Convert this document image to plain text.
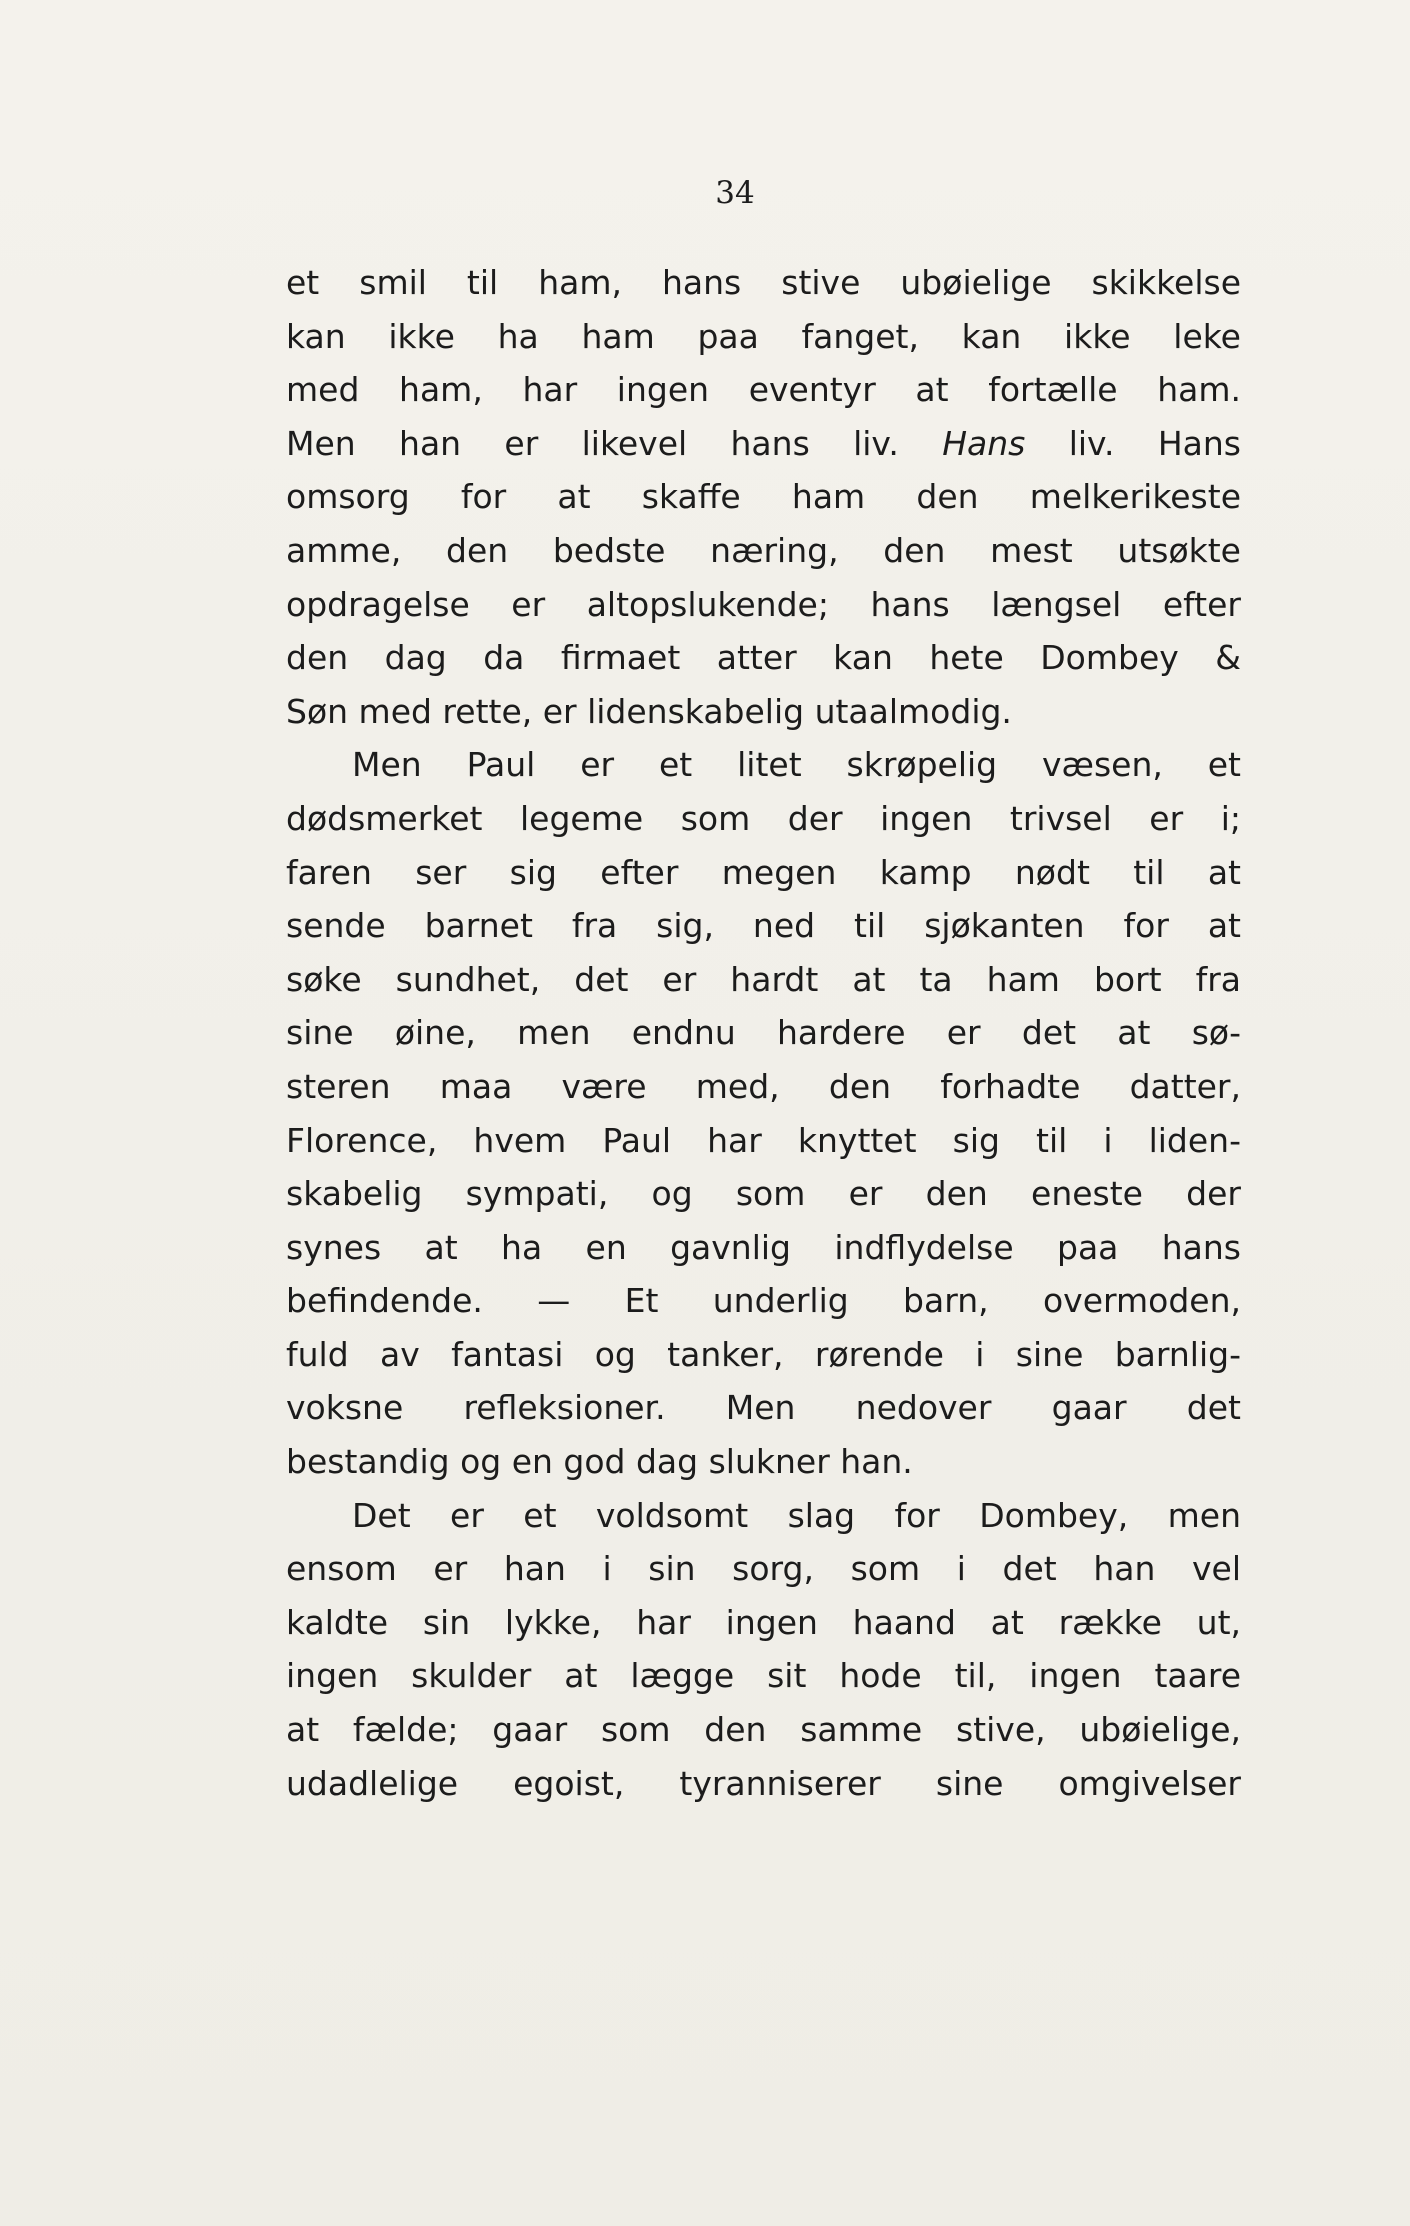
34
et smil til ham, hans stive ubøielige skikkelse
kan ikke ha ham paa fanget, kan ikke leke
med ham, har ingen eventyr at fortælle ham.
Men han er likevel hans liv. Hans liv. Hans
omsorg for at skaffe ham den melkerikeste
amme, den bedste næring, den mest utsøkte
opdragelse er altopslukende; hans længsel efter
den dag da firmaet atter kan hete Dombey &
Søn med rette, er lidenskabelig utaalmodig.
Men Paul er et litet skrøpelig væsen, et
dødsmerket legeme som der ingen trivsel er i;
faren ser sig efter megen kamp nødt til at
sende barnet fra sig, ned til sjøkanten for at
søke sundhet, det er hardt at ta ham bort fra
sine øine, men endnu hardere er det at sø-
steren maa være med, den forhadte datter,
Florence, hvem Paul har knyttet sig til i liden-
skabelig sympati, og som er den eneste der
synes at ha en gavnlig indflydelse paa hans
befindende. — Et underlig barn, overmoden,
fuld av fantasi og tanker, rørende i sine barnlig-
voksne refleksioner. Men nedover gaar det
bestandig og en god dag slukner han.
Det er et voldsomt slag for Dombey, men
ensom er han i sin sorg, som i det han vel
kaldte sin lykke, har ingen haand at række ut,
ingen skulder at lægge sit hode til, ingen taare
at fælde; gaar som den samme stive, ubøielige,
udadlelige egoist, tyranniserer sine omgivelser
